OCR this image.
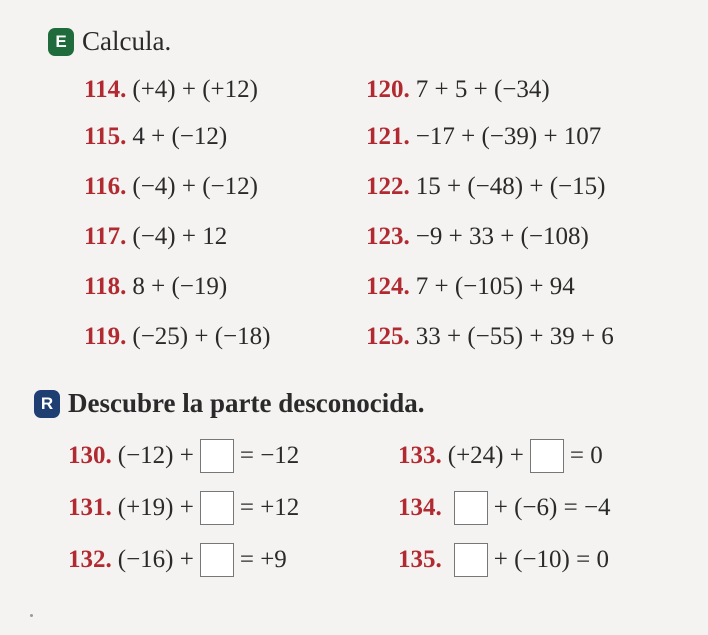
E Calcula.
114. (+4) + (+12)
115. 4 + (−12)
116. (−4) + (−12)
117. (−4) + 12
118. 8 + (−19)
119. (−25) + (−18)
120. 7 + 5 + (−34)
121. −17 + (−39) + 107
122. 15 + (−48) + (−15)
123. −9 + 33 + (−108)
124. 7 + (−105) + 94
125. 33 + (−55) + 39 + 6
R Descubre la parte desconocida.
130. (−12) + = −12
131. (+19) + = +12
132. (−16) + = +9
133. (+24) + = 0
134. + (−6) = −4
135. + (−10) = 0
